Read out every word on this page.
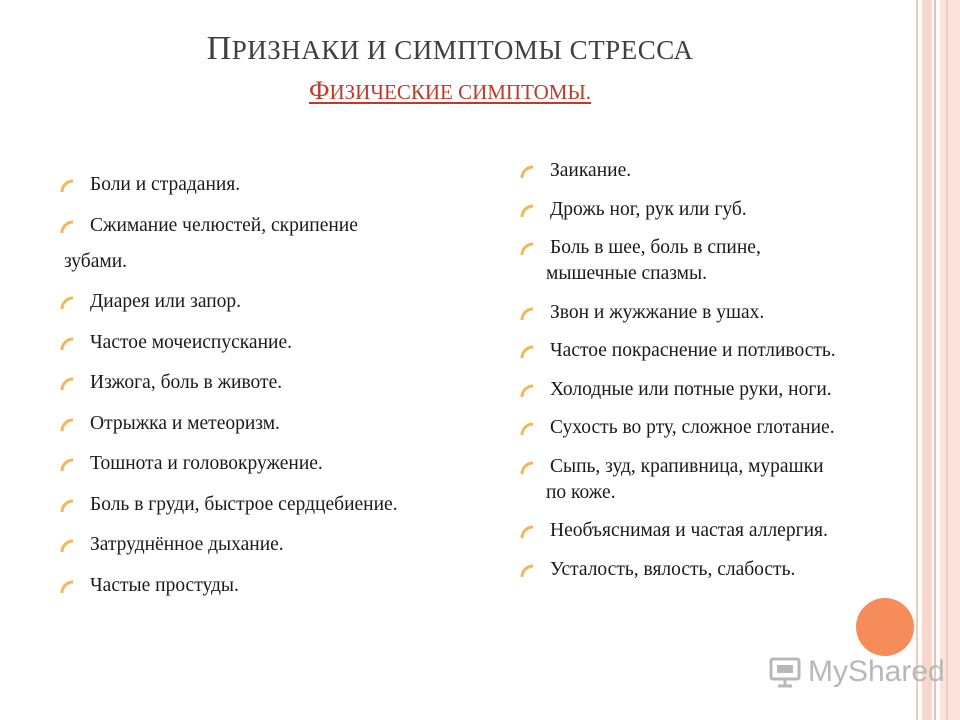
ПРИЗНАКИ И СИМПТОМЫ СТРЕССА
ФИЗИЧЕСКИЕ СИМПТОМЫ.
Боли и страдания.
Сжимание челюстей, скрипение
зубами.
Диарея или запор.
Частое мочеиспускание.
Изжога, боль в животе.
Отрыжка и метеоризм.
Тошнота и головокружение.
Боль в груди, быстрое сердцебиение.
Затруднённое дыхание.
Частые простуды.
Заикание.
Дрожь ног, рук или губ.
Боль в шее, боль в спине,
мышечные спазмы.
Звон и жужжание в ушах.
Частое покраснение и потливость.
Холодные или потные руки, ноги.
Сухость во рту, сложное глотание.
Сыпь, зуд, крапивница, мурашки
по коже.
Необъяснимая и частая аллергия.
Усталость, вялость, слабость.
MyShared
